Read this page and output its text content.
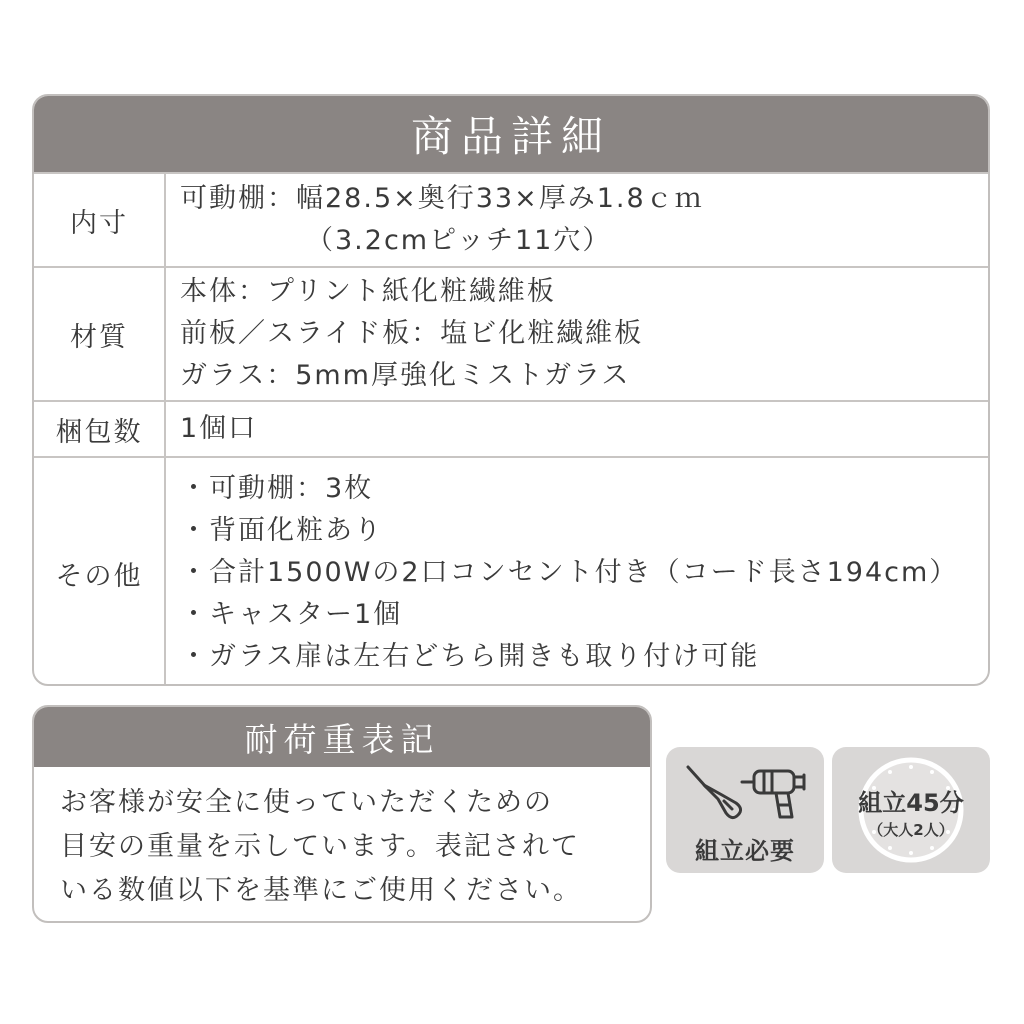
商品詳細
内寸
可動棚：幅28.5×奥行33×厚み1.8ｃｍ
（3.2cmピッチ11穴）
材質
本体：プリント紙化粧繊維板
前板／スライド板：塩ビ化粧繊維板
ガラス：5mm厚強化ミストガラス
梱包数	1個口
その他
・可動棚：3枚
・背面化粧あり
・合計1500Wの2口コンセント付き（コード長さ194cm）
・キャスター1個
・ガラス扉は左右どちら開きも取り付け可能
耐荷重表記
お客様が安全に使っていただくための
目安の重量を示しています。表記されて
いる数値以下を基準にご使用ください。
組立必要
組立45分
（大人2人）
